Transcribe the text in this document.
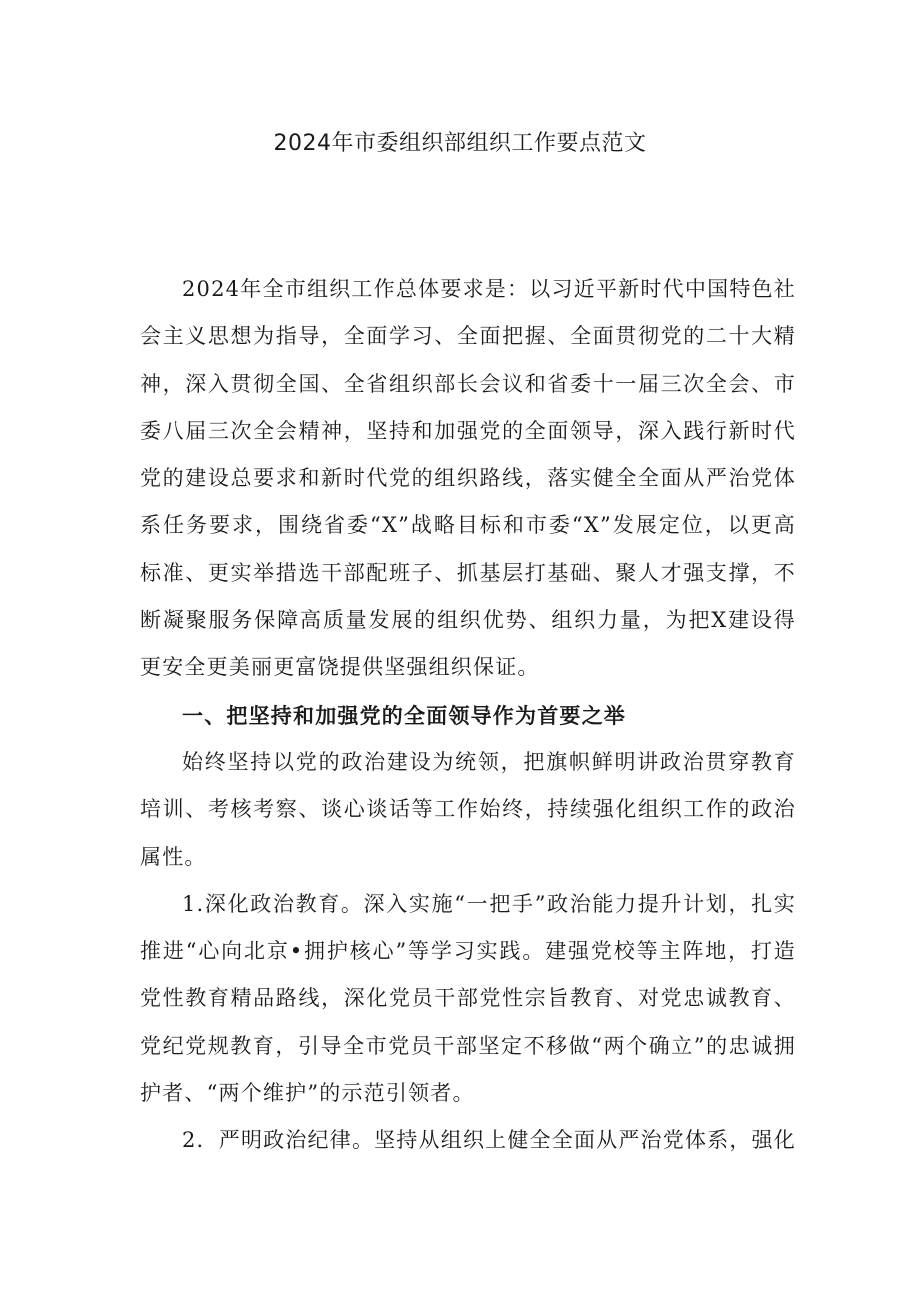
2024年市委组织部组织工作要点范文

2024年全市组织工作总体要求是：以习近平新时代中国特色社会主义思想为指导，全面学习、全面把握、全面贯彻党的二十大精神，深入贯彻全国、全省组织部长会议和省委十一届三次全会、市委八届三次全会精神，坚持和加强党的全面领导，深入践行新时代党的建设总要求和新时代党的组织路线，落实健全全面从严治党体系任务要求，围绕省委“X”战略目标和市委“X”发展定位，以更高标准、更实举措选干部配班子、抓基层打基础、聚人才强支撑，不断凝聚服务保障高质量发展的组织优势、组织力量，为把X建设得更安全更美丽更富饶提供坚强组织保证。

一、把坚持和加强党的全面领导作为首要之举

始终坚持以党的政治建设为统领，把旗帜鲜明讲政治贯穿教育培训、考核考察、谈心谈话等工作始终，持续强化组织工作的政治属性。

1.深化政治教育。深入实施“一把手”政治能力提升计划，扎实推进“心向北京•拥护核心”等学习实践。建强党校等主阵地，打造党性教育精品路线，深化党员干部党性宗旨教育、对党忠诚教育、党纪党规教育，引导全市党员干部坚定不移做“两个确立”的忠诚拥护者、“两个维护”的示范引领者。

2．严明政治纪律。坚持从组织上健全全面从严治党体系，强化
